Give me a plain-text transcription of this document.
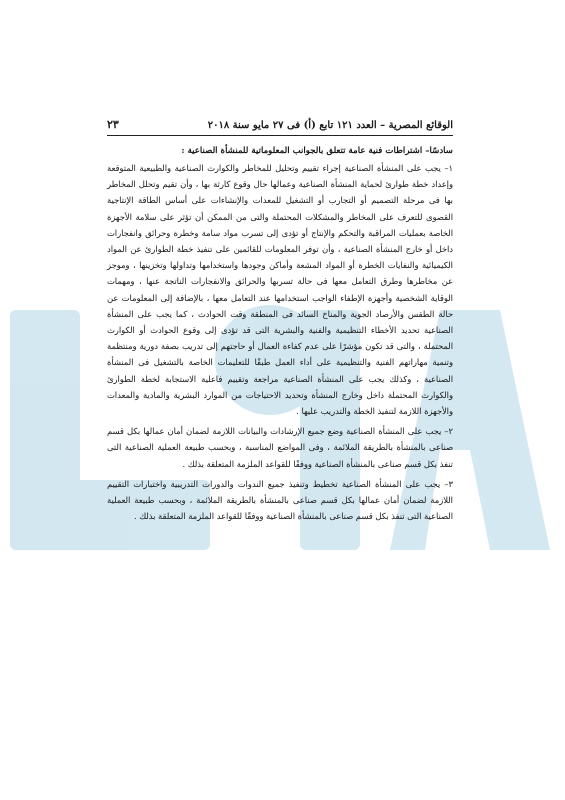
الوقائع المصرية – العدد ١٢١ تابع (أ) فى ٢٧ مايو سنة ٢٠١٨
٢٣
سادسًا– اشتراطات فنية عامة تتعلق بالجوانب المعلوماتية للمنشأة الصناعية :

١– يجب على المنشأة الصناعية إجراء تقييم وتحليل للمخاطر والكوارث الصناعية والطبيعية المتوقعة وإعداد خطة طوارئ لحماية المنشأة الصناعية وعمالها حال وقوع كارثة بها ، وأن تقيم وتحلل المخاطر بها فى مرحلة التصميم أو التجارب أو التشغيل للمعدات والإنشاءات على أساس الطاقة الإنتاجية القصوى للتعرف على المخاطر والمشكلات المحتملة والتى من الممكن أن تؤثر على سلامة الأجهزة الخاصة بعمليات المراقبة والتحكم والإنتاج أو تؤدى إلى تسرب مواد سامة وخطرة وحرائق وانفجارات داخل أو خارج المنشأة الصناعية ، وأن توفر المعلومات للقائمين على تنفيذ خطة الطوارئ عن المواد الكيميائية والنفايات الخطرة أو المواد المشعة وأماكن وجودها واستخدامها وتداولها وتخزينها ، وموجز عن مخاطرها وطرق التعامل معها فى حالة تسربها والحرائق والانفجارات الناتجة عنها ، ومهمات الوقاية الشخصية وأجهزة الإطفاء الواجب استخدامها عند التعامل معها ، بالإضافة إلى المعلومات عن حالة الطقس والأرصاد الجوية والمناخ السائد فى المنطقة وقت الحوادث ، كما يجب على المنشأة الصناعية تحديد الأخطاء التنظيمية والفنية والبشرية التى قد تؤدى إلى وقوع الحوادث أو الكوارث المحتملة ، والتى قد تكون مؤشرًا على عدم كفاءة العمال أو حاجتهم إلى تدريب بصفة دورية ومنتظمة وتنمية مهاراتهم الفنية والتنظيمية على أداء العمل طبقًا للتعليمات الخاصة بالتشغيل فى المنشأة الصناعية ، وكذلك يجب على المنشأة الصناعية مراجعة وتقييم فاعلية الاستجابة لخطة الطوارئ والكوارث المحتملة داخل وخارج المنشأة وتحديد الاحتياجات من الموارد البشرية والمادية والمعدات والأجهزة اللازمة لتنفيذ الخطة والتدريب عليها .

٢– يجب على المنشأة الصناعية وضع جميع الإرشادات والبيانات اللازمة لضمان أمان عمالها بكل قسم صناعى بالمنشأة بالطريقة الملائمة ، وفى المواضع المناسبة ، وبحسب طبيعة العملية الصناعية التى تنفذ بكل قسم صناعى بالمنشأة الصناعية ووفقًا للقواعد الملزمة المتعلقة بذلك .

٣– يجب على المنشأة الصناعية تخطيط وتنفيذ جميع الندوات والدورات التدريبية واختبارات التقييم اللازمة لضمان أمان عمالها بكل قسم صناعى بالمنشأة بالطريقة الملائمة ، وبحسب طبيعة العملية الصناعية التى تنفذ بكل قسم صناعى بالمنشأة الصناعية ووفقًا للقواعد الملزمة المتعلقة بذلك .
